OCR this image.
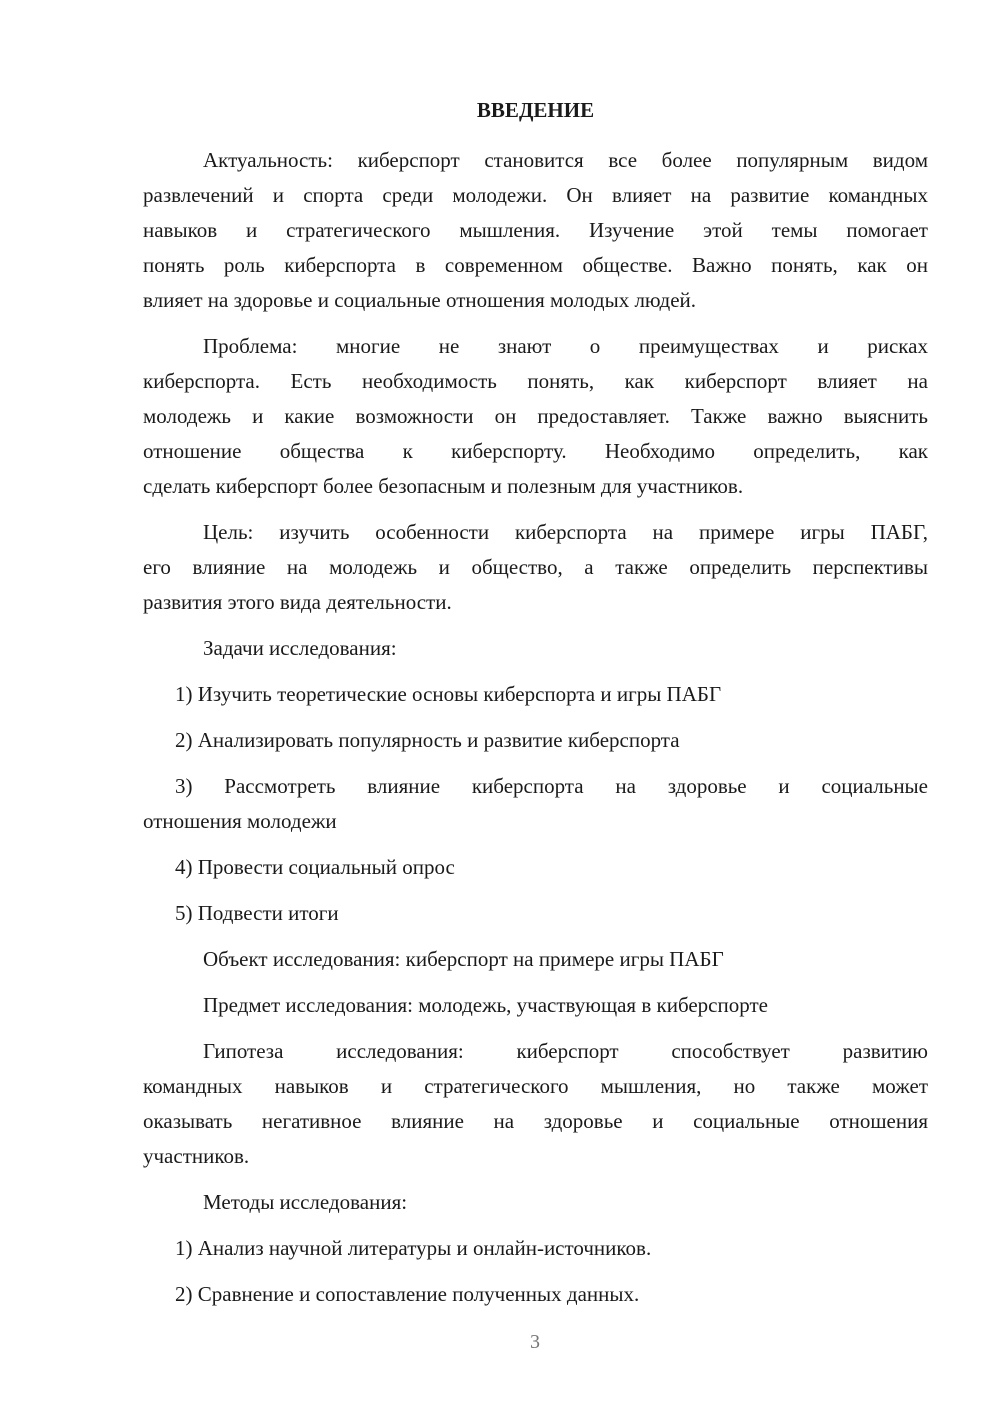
ВВЕДЕНИЕ
Актуальность: киберспорт становится все более популярным видом
развлечений и спорта среди молодежи. Он влияет на развитие командных
навыков и стратегического мышления. Изучение этой темы помогает
понять роль киберспорта в современном обществе. Важно понять, как он
влияет на здоровье и социальные отношения молодых людей.
Проблема: многие не знают о преимуществах и рисках
киберспорта. Есть необходимость понять, как киберспорт влияет на
молодежь и какие возможности он предоставляет. Также важно выяснить
отношение общества к киберспорту. Необходимо определить, как
сделать киберспорт более безопасным и полезным для участников.
Цель: изучить особенности киберспорта на примере игры ПАБГ,
его влияние на молодежь и общество, а также определить перспективы
развития этого вида деятельности.
Задачи исследования:
1) Изучить теоретические основы киберспорта и игры ПАБГ
2) Анализировать популярность и развитие киберспорта
3) Рассмотреть влияние киберспорта на здоровье и социальные
отношения молодежи
4) Провести социальный опрос
5) Подвести итоги
Объект исследования: киберспорт на примере игры ПАБГ
Предмет исследования: молодежь, участвующая в киберспорте
Гипотеза исследования: киберспорт способствует развитию
командных навыков и стратегического мышления, но также может
оказывать негативное влияние на здоровье и социальные отношения
участников.
Методы исследования:
1) Анализ научной литературы и онлайн-источников.
2) Сравнение и сопоставление полученных данных.
3
